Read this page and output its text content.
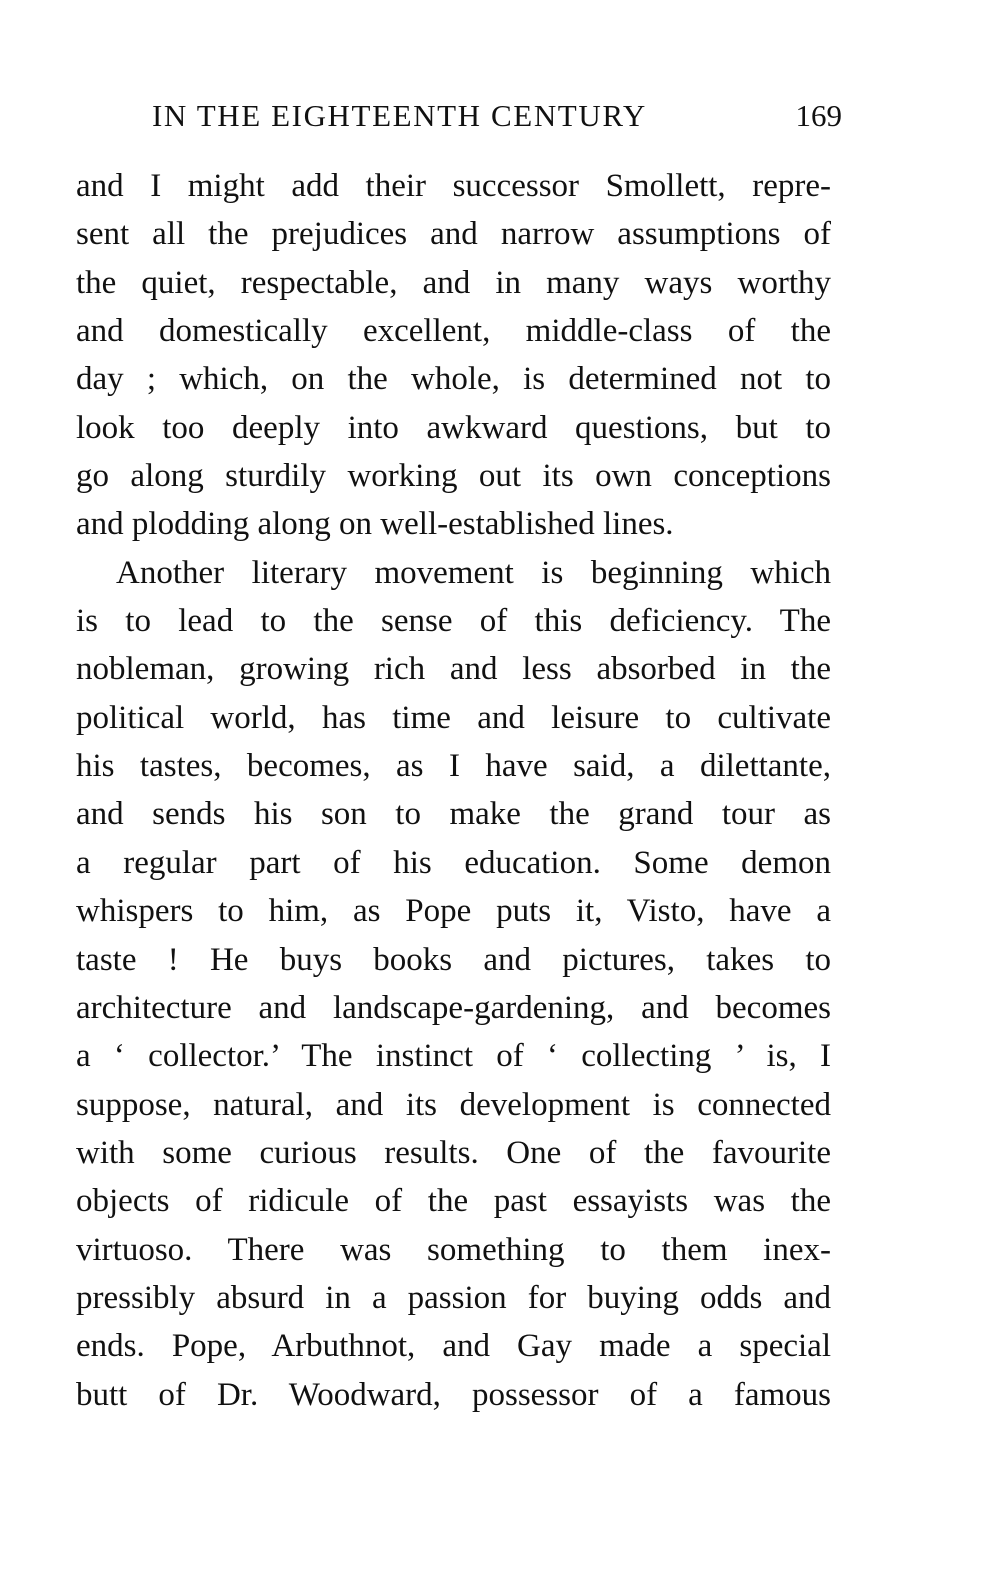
IN THE EIGHTEENTH CENTURY	169
and I might add their successor Smollett, repre-
sent all the prejudices and narrow assumptions of
the quiet, respectable, and in many ways worthy
and domestically excellent, middle-class of the
day ; which, on the whole, is determined not to
look too deeply into awkward questions, but to
go along sturdily working out its own conceptions
and plodding along on well-established lines.
Another literary movement is beginning which
is to lead to the sense of this deficiency. The
nobleman, growing rich and less absorbed in the
political world, has time and leisure to cultivate
his tastes, becomes, as I have said, a dilettante,
and sends his son to make the grand tour as
a regular part of his education. Some demon
whispers to him, as Pope puts it, Visto, have a
taste ! He buys books and pictures, takes to
architecture and landscape-gardening, and becomes
a ‘ collector.’ The instinct of ‘ collecting ’ is, I
suppose, natural, and its development is connected
with some curious results. One of the favourite
objects of ridicule of the past essayists was the
virtuoso. There was something to them inex-
pressibly absurd in a passion for buying odds and
ends. Pope, Arbuthnot, and Gay made a special
butt of Dr. Woodward, possessor of a famous
